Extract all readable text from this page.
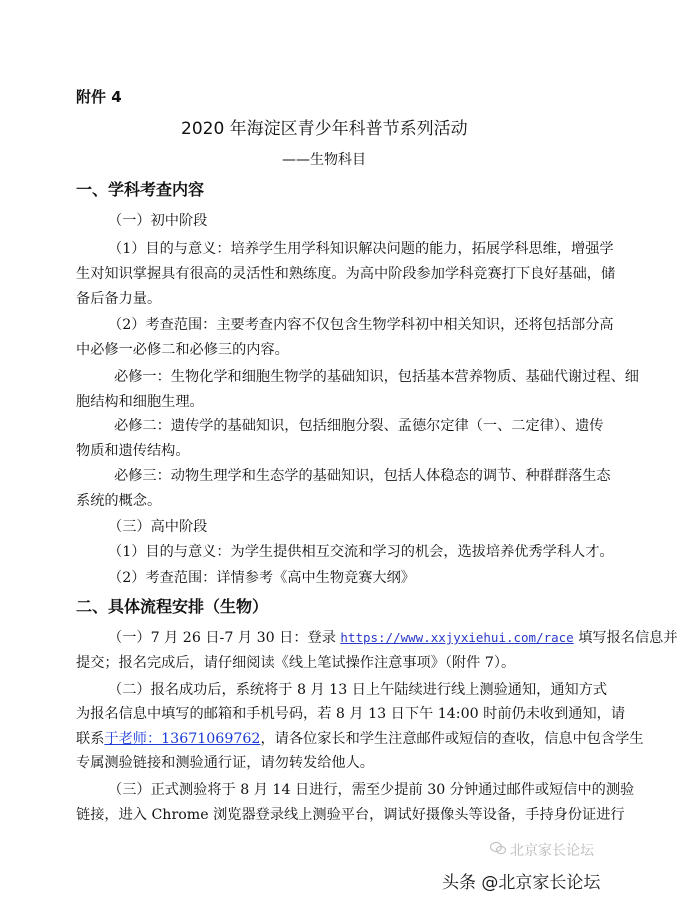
附件 4
2020 年海淀区青少年科普节系列活动
——生物科目
一、学科考查内容
（一）初中阶段
（1）目的与意义：培养学生用学科知识解决问题的能力，拓展学科思维，增强学
生对知识掌握具有很高的灵活性和熟练度。为高中阶段参加学科竞赛打下良好基础，储
备后备力量。
（2）考查范围：主要考查内容不仅包含生物学科初中相关知识，还将包括部分高
中必修一必修二和必修三的内容。
必修一：生物化学和细胞生物学的基础知识，包括基本营养物质、基础代谢过程、细
胞结构和细胞生理。
必修二：遗传学的基础知识，包括细胞分裂、孟德尔定律（一、二定律）、遗传
物质和遗传结构。
必修三：动物生理学和生态学的基础知识，包括人体稳态的调节、种群群落生态
系统的概念。
（三）高中阶段
（1）目的与意义：为学生提供相互交流和学习的机会，选拔培养优秀学科人才。
（2）考查范围：详情参考《高中生物竞赛大纲》
二、具体流程安排（生物）
（一）7 月 26 日-7 月 30 日：登录 https://www.xxjyxiehui.com/race 填写报名信息并
提交；报名完成后，请仔细阅读《线上笔试操作注意事项》（附件 7）。
（二）报名成功后，系统将于 8 月 13 日上午陆续进行线上测验通知，通知方式
为报名信息中填写的邮箱和手机号码，若 8 月 13 日下午 14:00 时前仍未收到通知，请
联系于老师：13671069762，请各位家长和学生注意邮件或短信的查收，信息中包含学生
专属测验链接和测验通行证，请勿转发给他人。
（三）正式测验将于 8 月 14 日进行，需至少提前 30 分钟通过邮件或短信中的测验
链接，进入 Chrome 浏览器登录线上测验平台，调试好摄像头等设备，手持身份证进行
北京家长论坛
头条 @北京家长论坛
